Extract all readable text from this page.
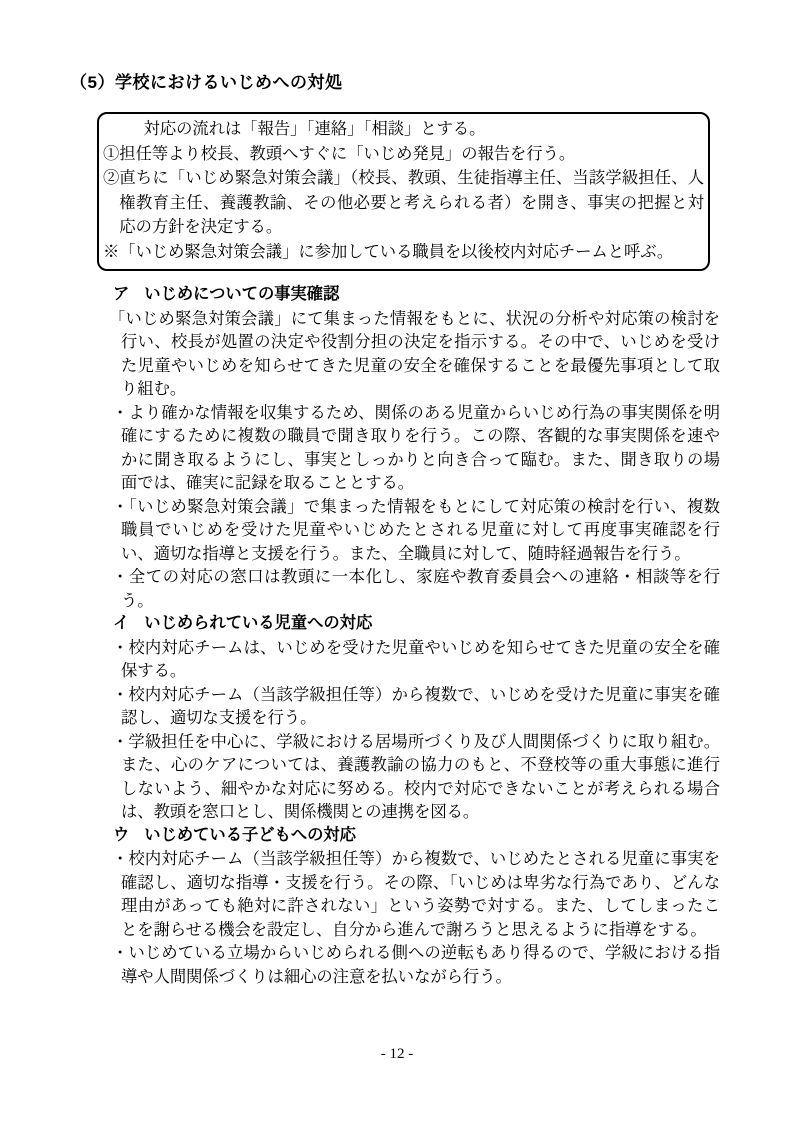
（5）学校におけるいじめへの対処

　　対応の流れは「報告」「連絡」「相談」とする。

①担任等より校長、教頭へすぐに「いじめ発見」の報告を行う。

②直ちに「いじめ緊急対策会議」（校長、教頭、生徒指導主任、当該学級担任、人権教育主任、養護教諭、その他必要と考えられる者）を開き、事実の把握と対応の方針を決定する。

※「いじめ緊急対策会議」に参加している職員を以後校内対応チームと呼ぶ。

ア いじめについての事実確認

「いじめ緊急対策会議」にて集まった情報をもとに、状況の分析や対応策の検討を行い、校長が処置の決定や役割分担の決定を指示する。その中で、いじめを受けた児童やいじめを知らせてきた児童の安全を確保することを最優先事項として取り組む。

・より確かな情報を収集するため、関係のある児童からいじめ行為の事実関係を明確にするために複数の職員で聞き取りを行う。この際、客観的な事実関係を速やかに聞き取るようにし、事実としっかりと向き合って臨む。また、聞き取りの場面では、確実に記録を取ることとする。

・「いじめ緊急対策会議」で集まった情報をもとにして対応策の検討を行い、複数職員でいじめを受けた児童やいじめたとされる児童に対して再度事実確認を行い、適切な指導と支援を行う。また、全職員に対して、随時経過報告を行う。

・全ての対応の窓口は教頭に一本化し、家庭や教育委員会への連絡・相談等を行う。

イ いじめられている児童への対応

・校内対応チームは、いじめを受けた児童やいじめを知らせてきた児童の安全を確保する。

・校内対応チーム（当該学級担任等）から複数で、いじめを受けた児童に事実を確認し、適切な支援を行う。

・学級担任を中心に、学級における居場所づくり及び人間関係づくりに取り組む。また、心のケアについては、養護教諭の協力のもと、不登校等の重大事態に進行しないよう、細やかな対応に努める。校内で対応できないことが考えられる場合は、教頭を窓口とし、関係機関との連携を図る。

ウ いじめている子どもへの対応

・校内対応チーム（当該学級担任等）から複数で、いじめたとされる児童に事実を確認し、適切な指導・支援を行う。その際、「いじめは卑劣な行為であり、どんな理由があっても絶対に許されない」という姿勢で対する。また、してしまったことを謝らせる機会を設定し、自分から進んで謝ろうと思えるように指導をする。

・いじめている立場からいじめられる側への逆転もあり得るので、学級における指導や人間関係づくりは細心の注意を払いながら行う。

- 12 -
